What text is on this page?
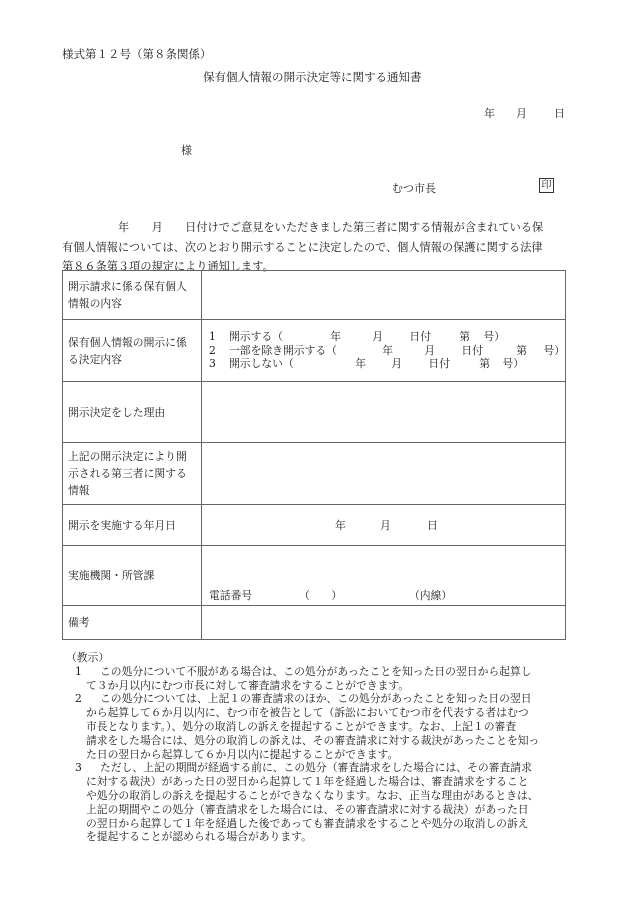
様式第１２号（第８条関係）
保有個人情報の開示決定等に関する通知書
年 月 日
様
むつ市長	印

年　　月　　日付けでご意見をいただきました第三者に関する情報が含まれている保

有個人情報については、次のとおり開示することに決定したので、個人情報の保護に関する法律

第８６条第３項の規定により通知します。

開示請求に係る保有個人情報の内容	
保有個人情報の開示に係る決定内容	1 開示する（ 年 月 日付 第 号）
2 一部を除き開示する（ 年 月 日付 第 号）
3 開示しない（ 年 月 日付 第 号）

開示決定をした理由	
上記の開示決定により開示される第三者に関する情報	
開示を実施する年月日	年 月 日
実施機関・所管課	電話番号 （　　） （内線）

備考	

（教示）

1	この処分について不服がある場合は、この処分があったことを知った日の翌日から起算し

て３か月以内にむつ市長に対して審査請求をすることができます。

2	この処分については、上記１の審査請求のほか、この処分があったことを知った日の翌日

から起算して６か月以内に、むつ市を被告として（訴訟においてむつ市を代表する者はむつ

市長となります。）、処分の取消しの訴えを提起することができます。なお、上記１の審査

請求をした場合には、処分の取消しの訴えは、その審査請求に対する裁決があったことを知っ

た日の翌日から起算して６か月以内に提起することができます。

3	ただし、上記の期間が経過する前に、この処分（審査請求をした場合には、その審査請求

に対する裁決）があった日の翌日から起算して１年を経過した場合は、審査請求をすること

や処分の取消しの訴えを提起することができなくなります。なお、正当な理由があるときは、

上記の期間やこの処分（審査請求をした場合には、その審査請求に対する裁決）があった日

の翌日から起算して１年を経過した後であっても審査請求をすることや処分の取消しの訴え

を提起することが認められる場合があります。
